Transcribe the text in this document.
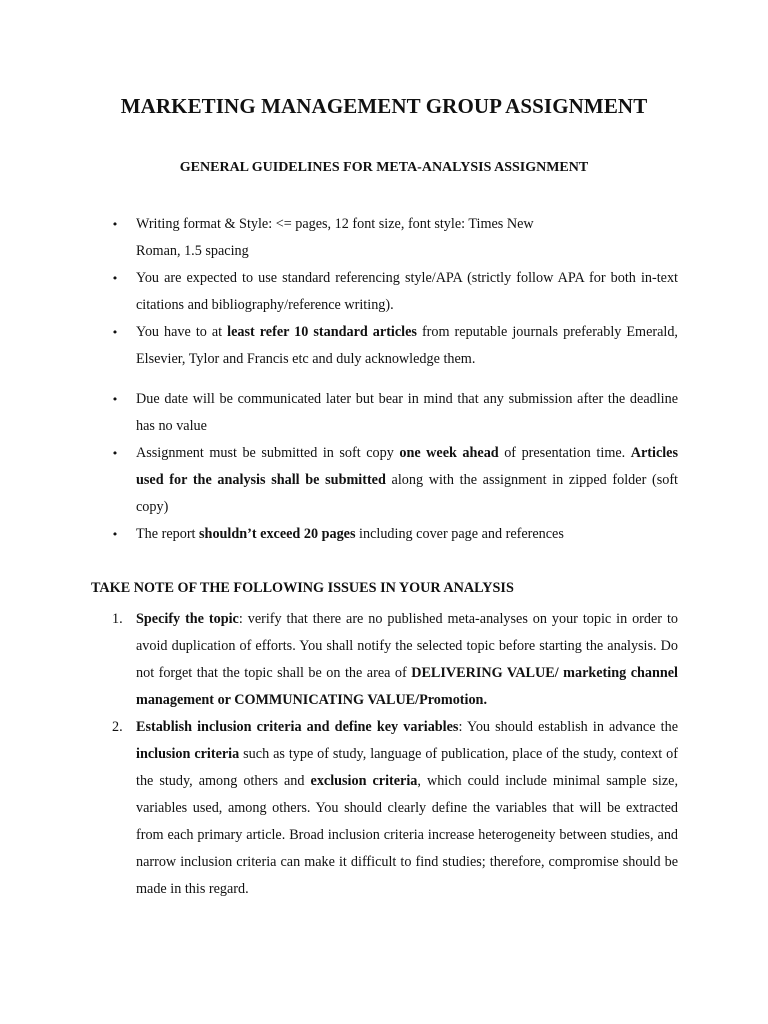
MARKETING MANAGEMENT GROUP ASSIGNMENT
GENERAL GUIDELINES FOR META-ANALYSIS ASSIGNMENT
• Writing format & Style: <= pages, 12 font size, font style: Times New
Roman, 1.5 spacing
• You are expected to use standard referencing style/APA (strictly follow APA for both in-text citations and bibliography/reference writing).
• You have to at least refer 10 standard articles from reputable journals preferably Emerald, Elsevier, Tylor and Francis etc and duly acknowledge them.
• Due date will be communicated later but bear in mind that any submission after the deadline has no value
• Assignment must be submitted in soft copy one week ahead of presentation time. Articles used for the analysis shall be submitted along with the assignment in zipped folder (soft copy)
• The report shouldn’t exceed 20 pages including cover page and references
TAKE NOTE OF THE FOLLOWING ISSUES IN YOUR ANALYSIS
1. Specify the topic: verify that there are no published meta-analyses on your topic in order to avoid duplication of efforts. You shall notify the selected topic before starting the analysis. Do not forget that the topic shall be on the area of DELIVERING VALUE/ marketing channel management or COMMUNICATING VALUE/Promotion.
2. Establish inclusion criteria and define key variables: You should establish in advance the inclusion criteria such as type of study, language of publication, place of the study, context of the study, among others and exclusion criteria, which could include minimal sample size, variables used, among others. You should clearly define the variables that will be extracted from each primary article. Broad inclusion criteria increase heterogeneity between studies, and narrow inclusion criteria can make it difficult to find studies; therefore, compromise should be made in this regard.
